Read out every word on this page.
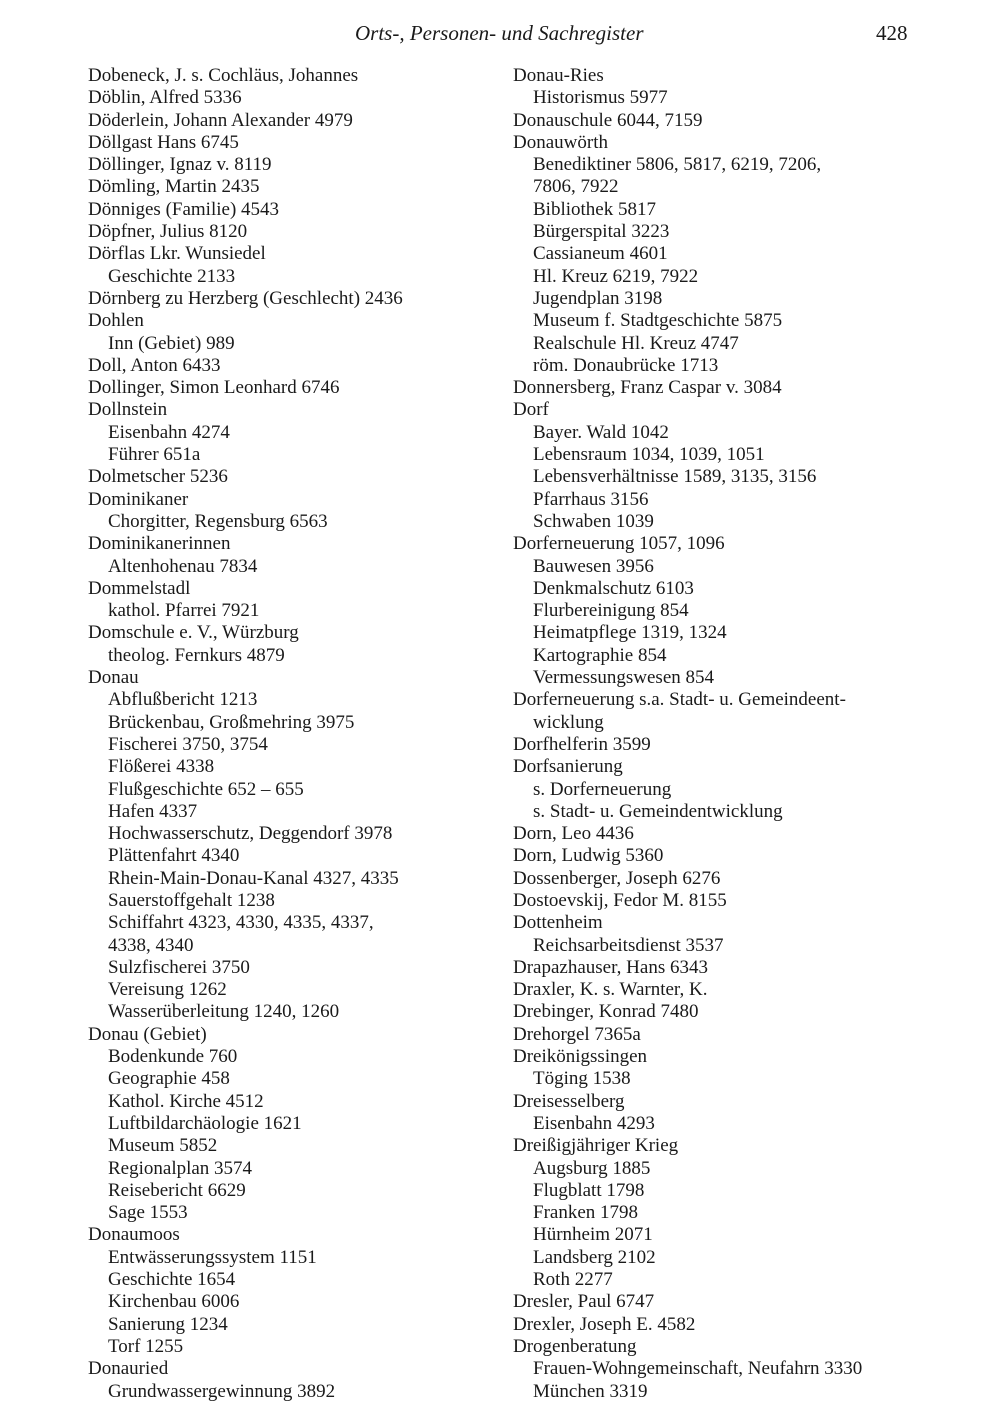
Orts-, Personen- und Sachregister	428
Dobeneck, J. s. Cochläus, Johannes
Döblin, Alfred 5336
Döderlein, Johann Alexander 4979
Döllgast Hans 6745
Döllinger, Ignaz v. 8119
Dömling, Martin 2435
Dönniges (Familie) 4543
Döpfner, Julius 8120
Dörflas Lkr. Wunsiedel
Geschichte 2133
Dörnberg zu Herzberg (Geschlecht) 2436
Dohlen
Inn (Gebiet) 989
Doll, Anton 6433
Dollinger, Simon Leonhard 6746
Dollnstein
Eisenbahn 4274
Führer 651a
Dolmetscher 5236
Dominikaner
Chorgitter, Regensburg 6563
Dominikanerinnen
Altenhohenau 7834
Dommelstadl
kathol. Pfarrei 7921
Domschule e. V., Würzburg
theolog. Fernkurs 4879
Donau
Abflußbericht 1213
Brückenbau, Großmehring 3975
Fischerei 3750, 3754
Flößerei 4338
Flußgeschichte 652 – 655
Hafen 4337
Hochwasserschutz, Deggendorf 3978
Plättenfahrt 4340
Rhein-Main-Donau-Kanal 4327, 4335
Sauerstoffgehalt 1238
Schiffahrt 4323, 4330, 4335, 4337,
4338, 4340
Sulzfischerei 3750
Vereisung 1262
Wasserüberleitung 1240, 1260
Donau (Gebiet)
Bodenkunde 760
Geographie 458
Kathol. Kirche 4512
Luftbildarchäologie 1621
Museum 5852
Regionalplan 3574
Reisebericht 6629
Sage 1553
Donaumoos
Entwässerungssystem 1151
Geschichte 1654
Kirchenbau 6006
Sanierung 1234
Torf 1255
Donauried
Grundwassergewinnung 3892
Donau-Ries
Historismus 5977
Donauschule 6044, 7159
Donauwörth
Benediktiner 5806, 5817, 6219, 7206,
7806, 7922
Bibliothek 5817
Bürgerspital 3223
Cassianeum 4601
Hl. Kreuz 6219, 7922
Jugendplan 3198
Museum f. Stadtgeschichte 5875
Realschule Hl. Kreuz 4747
röm. Donaubrücke 1713
Donnersberg, Franz Caspar v. 3084
Dorf
Bayer. Wald 1042
Lebensraum 1034, 1039, 1051
Lebensverhältnisse 1589, 3135, 3156
Pfarrhaus 3156
Schwaben 1039
Dorferneuerung 1057, 1096
Bauwesen 3956
Denkmalschutz 6103
Flurbereinigung 854
Heimatpflege 1319, 1324
Kartographie 854
Vermessungswesen 854
Dorferneuerung s.a. Stadt- u. Gemeindeent-
wicklung
Dorfhelferin 3599
Dorfsanierung
s. Dorferneuerung
s. Stadt- u. Gemeindentwicklung
Dorn, Leo 4436
Dorn, Ludwig 5360
Dossenberger, Joseph 6276
Dostoevskij, Fedor M. 8155
Dottenheim
Reichsarbeitsdienst 3537
Drapazhauser, Hans 6343
Draxler, K. s. Warnter, K.
Drebinger, Konrad 7480
Drehorgel 7365a
Dreikönigssingen
Töging 1538
Dreisesselberg
Eisenbahn 4293
Dreißigjähriger Krieg
Augsburg 1885
Flugblatt 1798
Franken 1798
Hürnheim 2071
Landsberg 2102
Roth 2277
Dresler, Paul 6747
Drexler, Joseph E. 4582
Drogenberatung
Frauen-Wohngemeinschaft, Neufahrn 3330
München 3319
